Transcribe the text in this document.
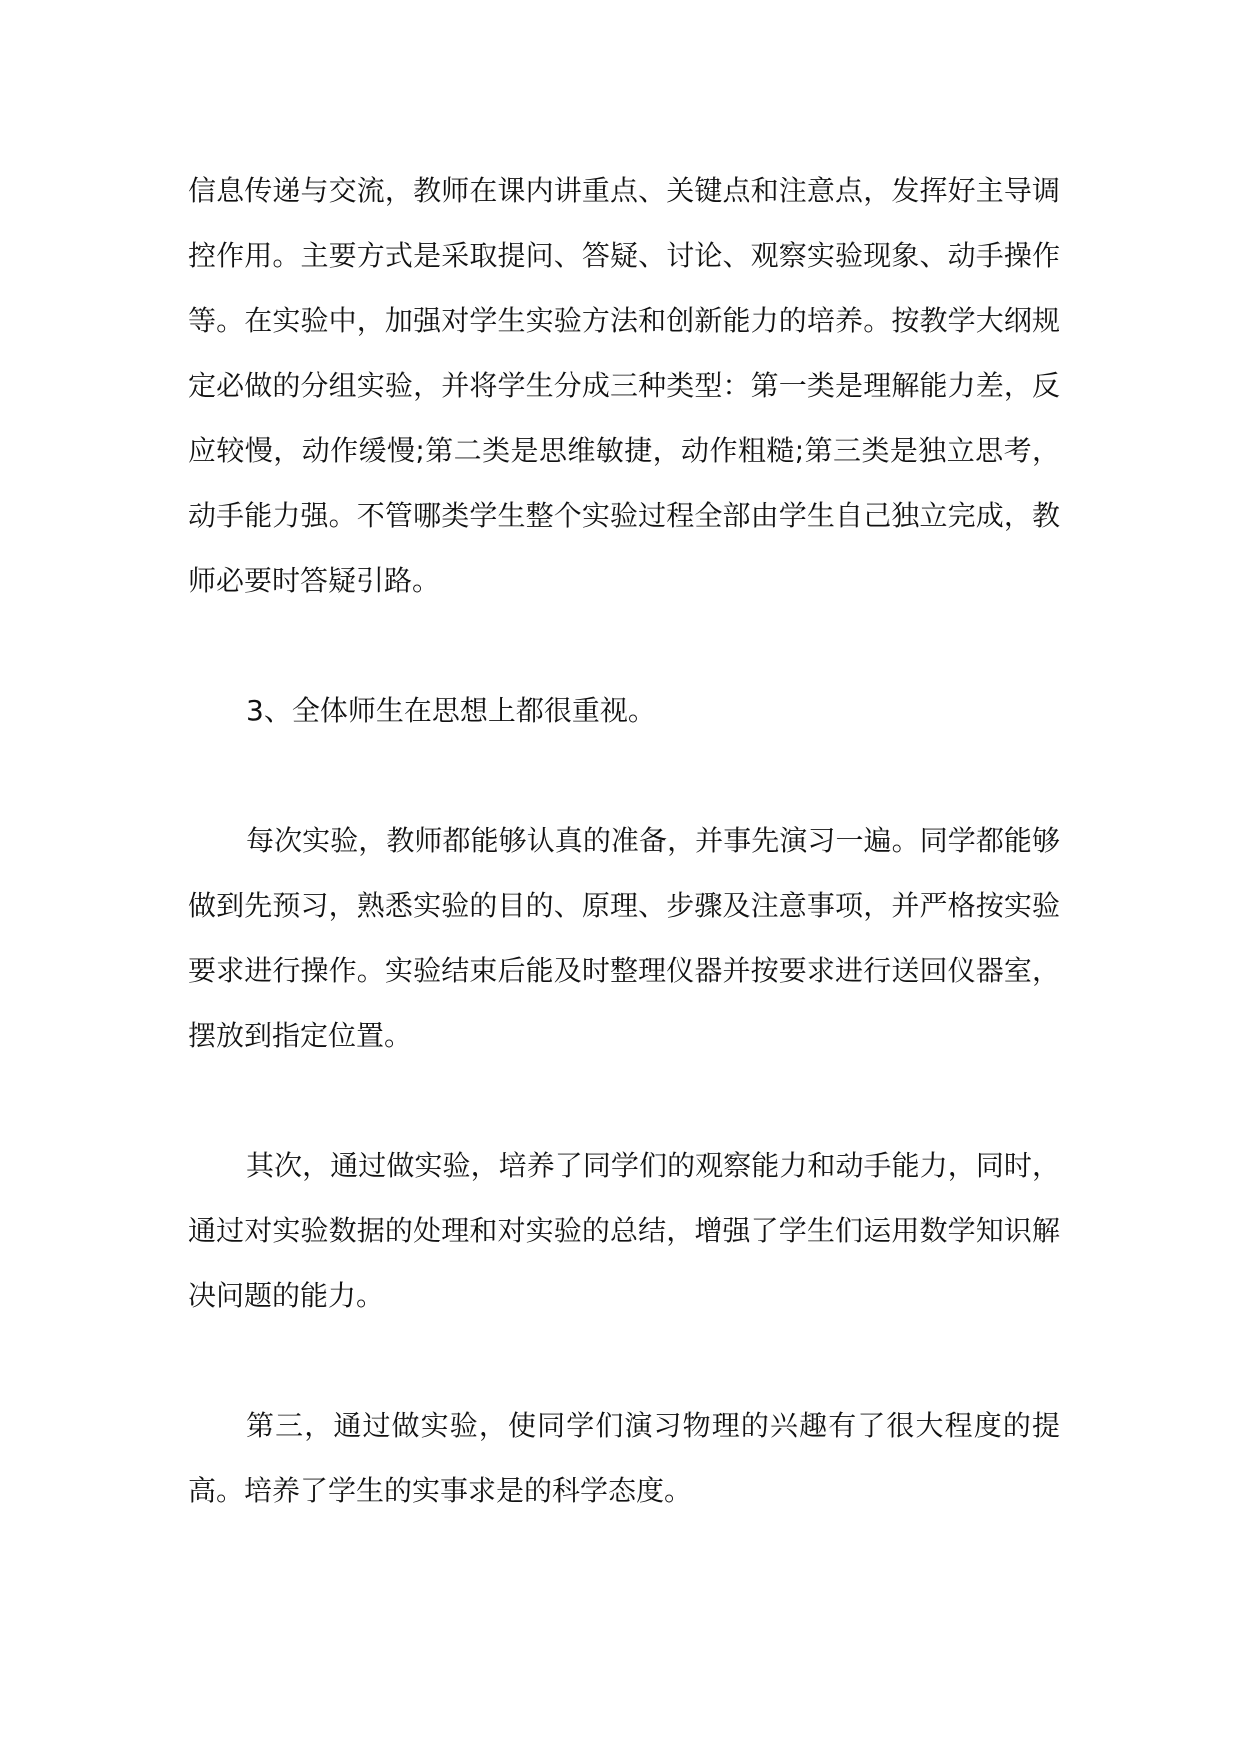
信息传递与交流，教师在课内讲重点、关键点和注意点，发挥好主导调控作用。主要方式是采取提问、答疑、讨论、观察实验现象、动手操作等。在实验中，加强对学生实验方法和创新能力的培养。按教学大纲规定必做的分组实验，并将学生分成三种类型：第一类是理解能力差，反应较慢，动作缓慢;第二类是思维敏捷，动作粗糙;第三类是独立思考，动手能力强。不管哪类学生整个实验过程全部由学生自己独立完成，教师必要时答疑引路。

3、全体师生在思想上都很重视。

每次实验，教师都能够认真的准备，并事先演习一遍。同学都能够做到先预习，熟悉实验的目的、原理、步骤及注意事项，并严格按实验要求进行操作。实验结束后能及时整理仪器并按要求进行送回仪器室，摆放到指定位置。

其次，通过做实验，培养了同学们的观察能力和动手能力，同时，通过对实验数据的处理和对实验的总结，增强了学生们运用数学知识解决问题的能力。

第三，通过做实验，使同学们演习物理的兴趣有了很大程度的提高。培养了学生的实事求是的科学态度。
